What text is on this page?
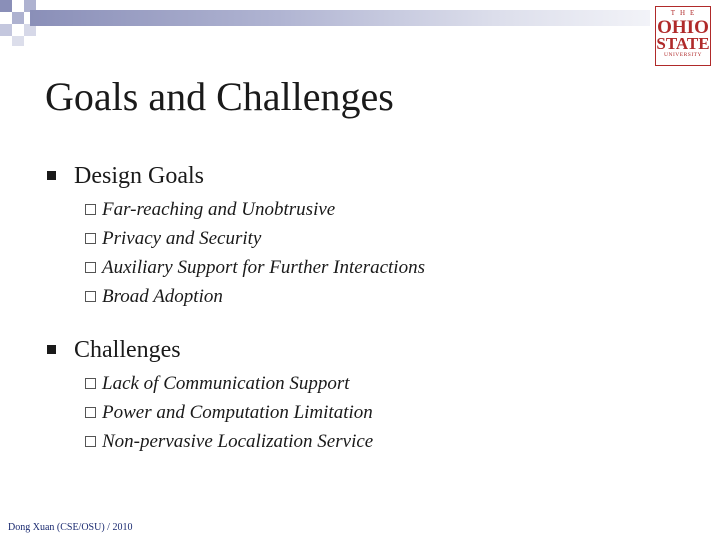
THE
OHIO
STATE
UNIVERSITY
Goals and Challenges
Design Goals
Far-reaching and Unobtrusive
Privacy and Security
Auxiliary Support for Further Interactions
Broad Adoption
Challenges
Lack of Communication Support
Power and Computation Limitation
Non-pervasive Localization Service
Dong Xuan (CSE/OSU) / 2010
